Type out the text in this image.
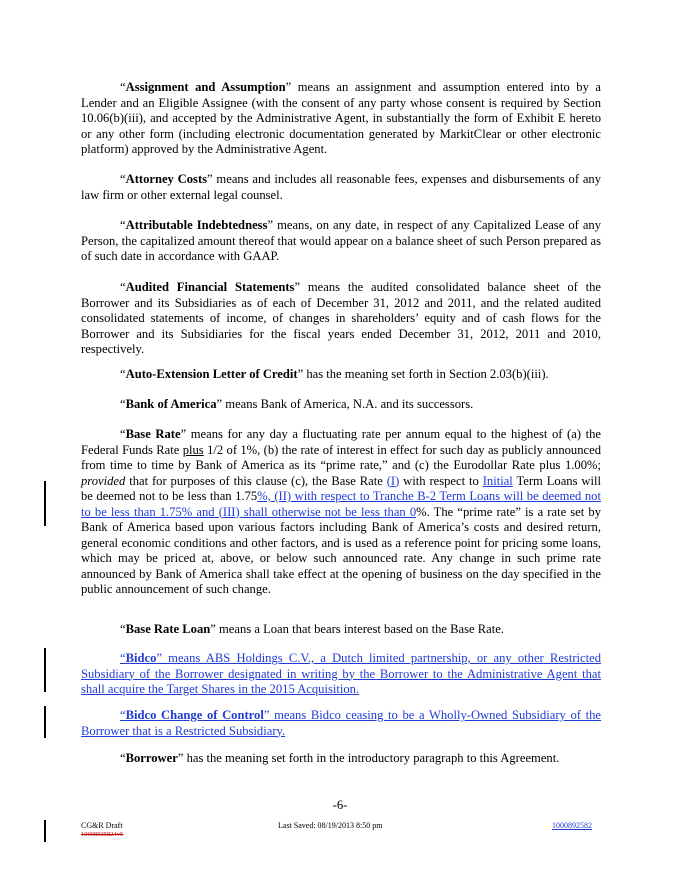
“Assignment and Assumption” means an assignment and assumption entered into by a Lender and an Eligible Assignee (with the consent of any party whose consent is required by Section 10.06(b)(iii), and accepted by the Administrative Agent, in substantially the form of Exhibit E hereto or any other form (including electronic documentation generated by MarkitClear or other electronic platform) approved by the Administrative Agent.

“Attorney Costs” means and includes all reasonable fees, expenses and disbursements of any law firm or other external legal counsel.

“Attributable Indebtedness” means, on any date, in respect of any Capitalized Lease of any Person, the capitalized amount thereof that would appear on a balance sheet of such Person prepared as of such date in accordance with GAAP.

“Audited Financial Statements” means the audited consolidated balance sheet of the Borrower and its Subsidiaries as of each of December 31, 2012 and 2011, and the related audited consolidated statements of income, of changes in shareholders’ equity and of cash flows for the Borrower and its Subsidiaries for the fiscal years ended December 31, 2012, 2011 and 2010, respectively.

“Auto-Extension Letter of Credit” has the meaning set forth in Section 2.03(b)(iii).

“Bank of America” means Bank of America, N.A. and its successors.

“Base Rate” means for any day a fluctuating rate per annum equal to the highest of (a) the Federal Funds Rate plus 1/2 of 1%, (b) the rate of interest in effect for such day as publicly announced from time to time by Bank of America as its “prime rate,” and (c) the Eurodollar Rate plus 1.00%; provided that for purposes of this clause (c), the Base Rate (I) with respect to Initial Term Loans will be deemed not to be less than 1.75%, (II) with respect to Tranche B-2 Term Loans will be deemed not to be less than 1.75% and (III) shall otherwise not be less than 0%. The “prime rate” is a rate set by Bank of America based upon various factors including Bank of America’s costs and desired return, general economic conditions and other factors, and is used as a reference point for pricing some loans, which may be priced at, above, or below such announced rate. Any change in such prime rate announced by Bank of America shall take effect at the opening of business on the day specified in the public announcement of such change.

“Base Rate Loan” means a Loan that bears interest based on the Base Rate.

“Bidco” means ABS Holdings C.V., a Dutch limited partnership, or any other Restricted Subsidiary of the Borrower designated in writing by the Borrower to the Administrative Agent that shall acquire the Target Shares in the 2015 Acquisition.

“Bidco Change of Control” means Bidco ceasing to be a Wholly-Owned Subsidiary of the Borrower that is a Restricted Subsidiary.

“Borrower” has the meaning set forth in the introductory paragraph to this Agreement.

-6-
CG&R Draft
10008925824v5
Last Saved: 08/19/2013 8:50 pm	1000892582
